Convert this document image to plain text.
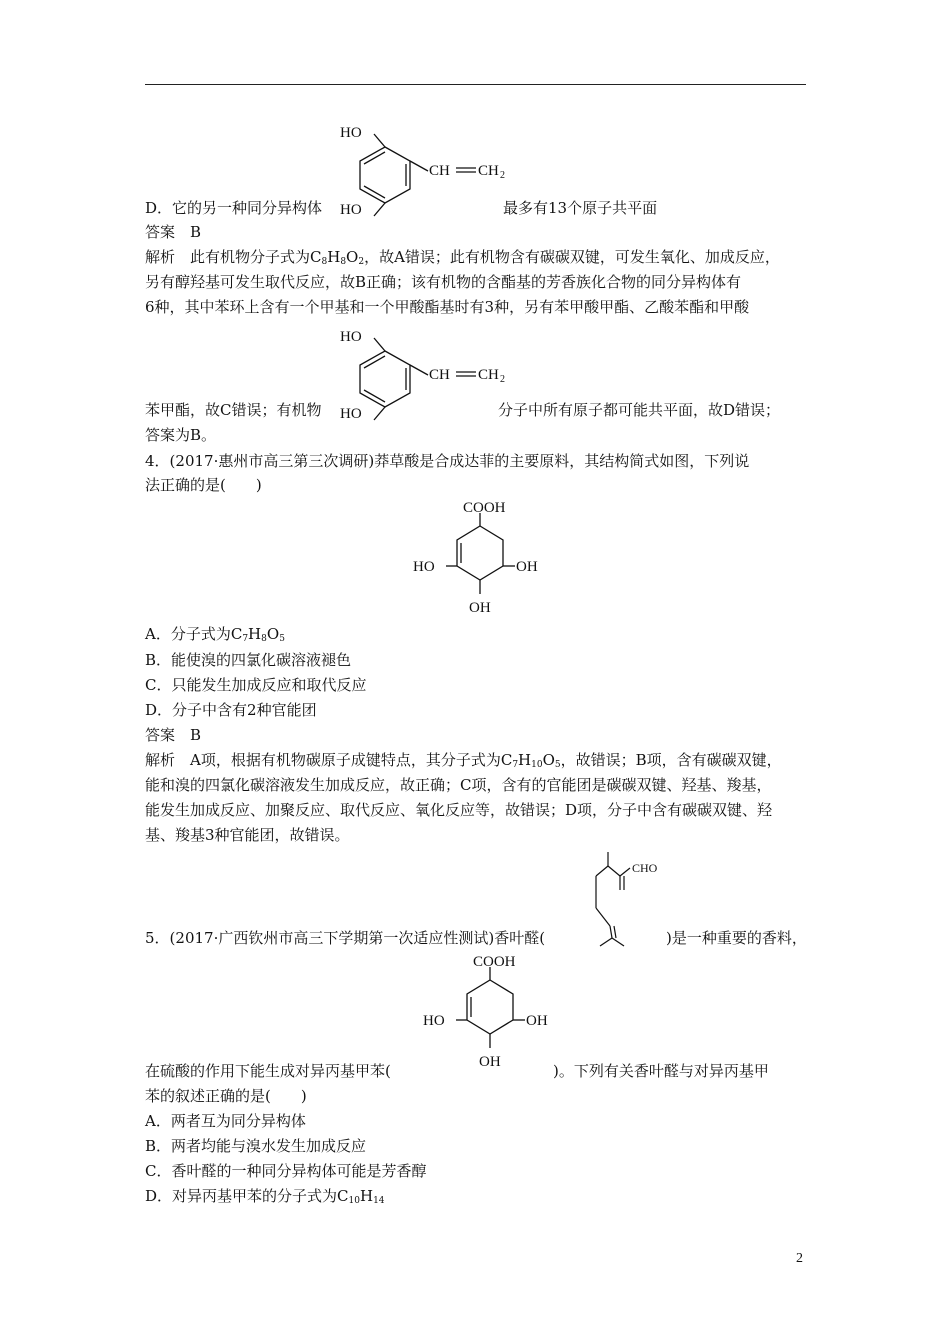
HO
HO
CH CH 2
D．它的另一种同分异构体	最多有13个原子共平面
答案　B
解析　此有机物分子式为$C_8H_8O_2$，故A错误；此有机物含有碳碳双键，可发生氧化、加成反应，
另有醇羟基可发生取代反应，故B正确；该有机物的含酯基的芳香族化合物的同分异构体有
6种，其中苯环上含有一个甲基和一个甲酸酯基时有3种，另有苯甲酸甲酯、乙酸苯酯和甲酸
HO
HO
CH CH 2
苯甲酯，故C错误；有机物	分子中所有原子都可能共平面，故D错误；
答案为B。
4．(2017·惠州市高三第三次调研)莽草酸是合成达菲的主要原料，其结构简式如图，下列说
法正确的是(　　)
COOH
HO	OH
OH
A．分子式为$C_7H_8O_5$
B．能使溴的四氯化碳溶液褪色
C．只能发生加成反应和取代反应
D．分子中含有2种官能团
答案　B
解析　A项，根据有机物碳原子成键特点，其分子式为$C_7H_{10}O_5$，故错误；B项，含有碳碳双键，
能和溴的四氯化碳溶液发生加成反应，故正确；C项，含有的官能团是碳碳双键、羟基、羧基，
能发生加成反应、加聚反应、取代反应、氧化反应等，故错误；D项，分子中含有碳碳双键、羟
基、羧基3种官能团，故错误。
CHO
5．(2017·广西钦州市高三下学期第一次适应性测试)香叶醛(	)是一种重要的香料，
COOH
HO	OH
OH
在硫酸的作用下能生成对异丙基甲苯(	)。下列有关香叶醛与对异丙基甲
苯的叙述正确的是(　　)
A．两者互为同分异构体
B．两者均能与溴水发生加成反应
C．香叶醛的一种同分异构体可能是芳香醇
D．对异丙基甲苯的分子式为$C_{10}H_{14}$
2
